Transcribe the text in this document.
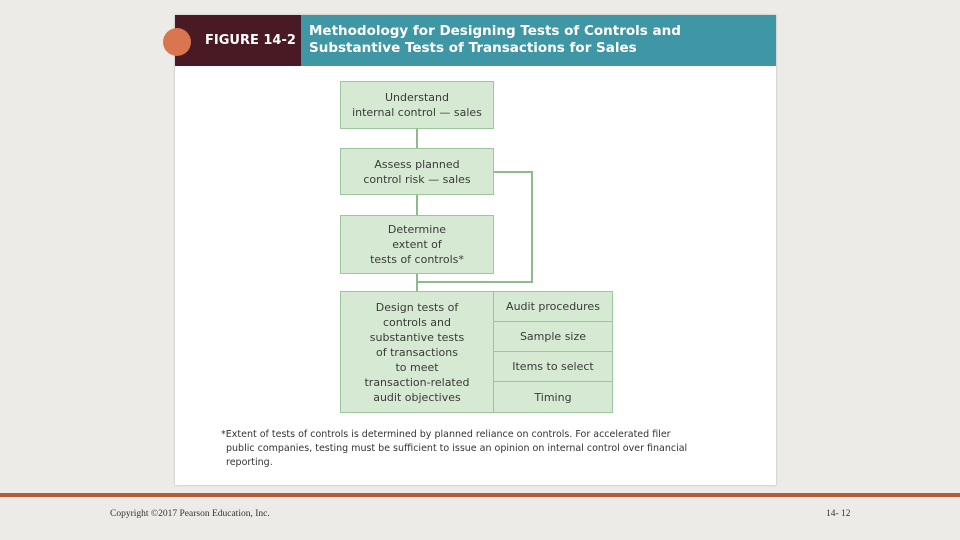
FIGURE 14-2
Methodology for Designing Tests of Controls and
Substantive Tests of Transactions for Sales
Understand
internal control — sales
Assess planned
control risk — sales
Determine
extent of
tests of controls*
Design tests of
controls and
substantive tests
of transactions
to meet
transaction-related
audit objectives
Audit procedures
Sample size
Items to select
Timing
*Extent of tests of controls is determined by planned reliance on controls. For accelerated filer
public companies, testing must be sufficient to issue an opinion on internal control over financial
reporting.
Copyright ©2017 Pearson Education, Inc.	14- 12
